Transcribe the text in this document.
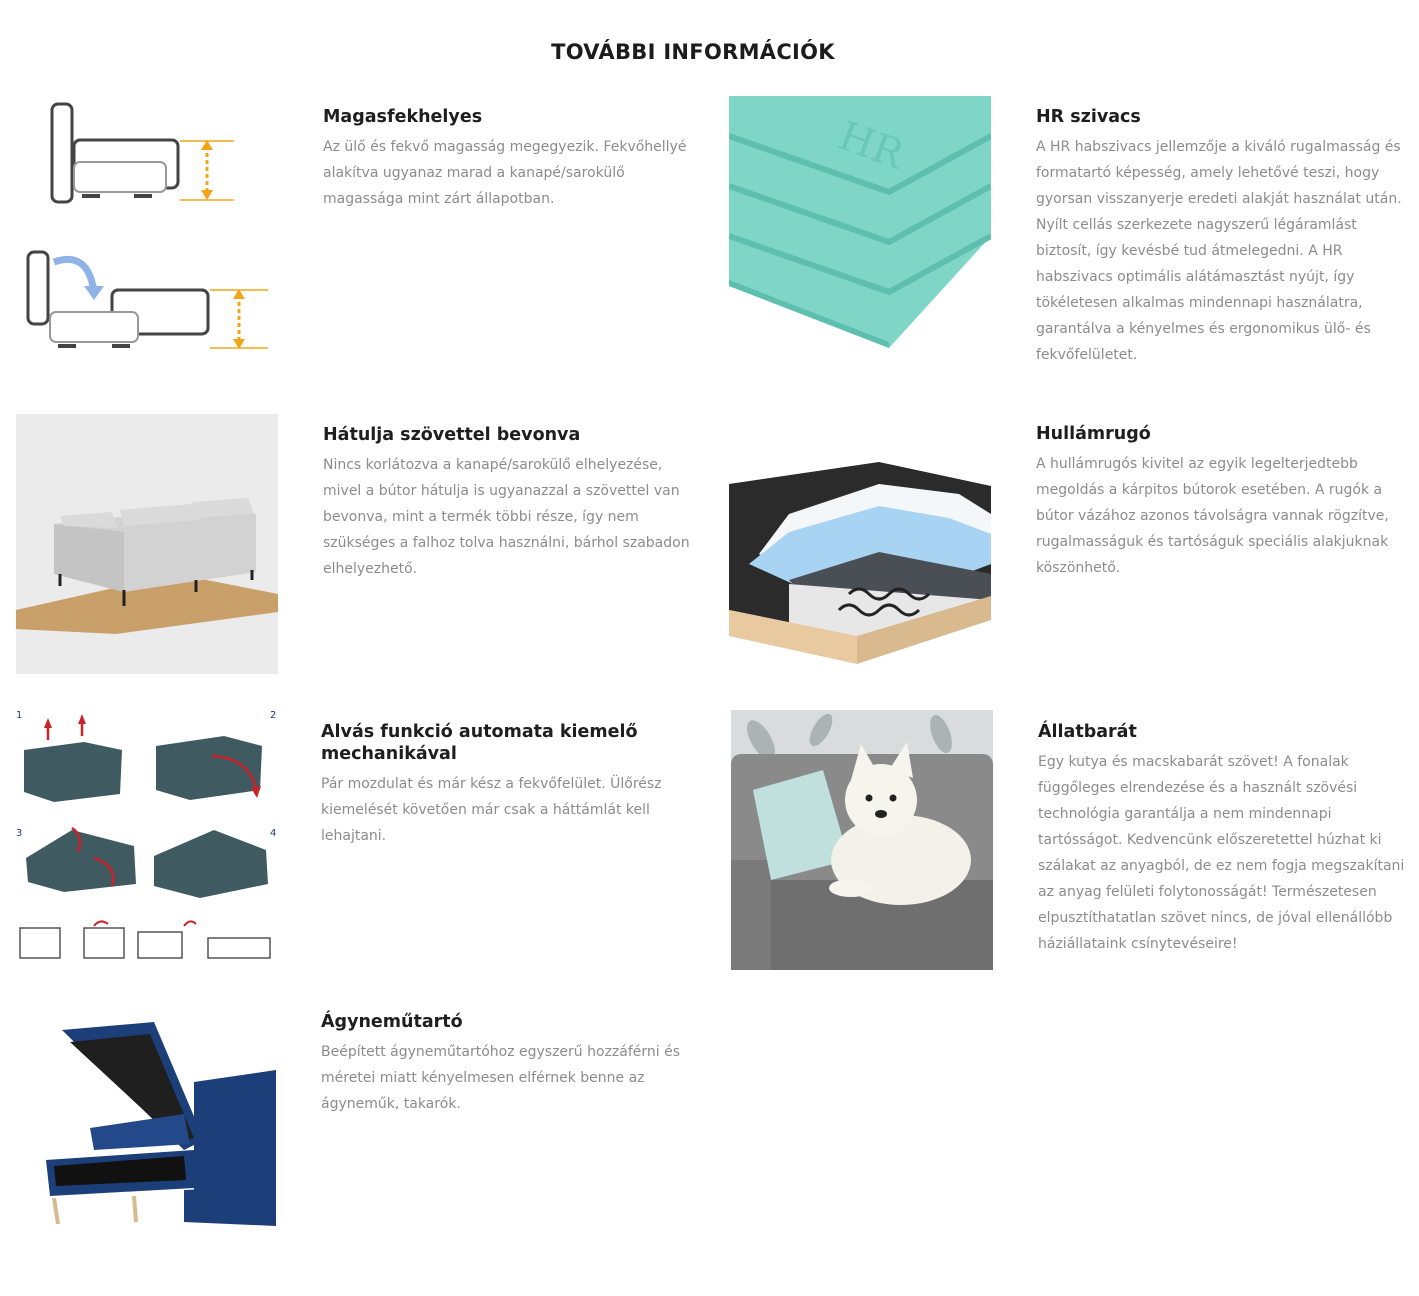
TOVÁBBI INFORMÁCIÓK
Magasfekhelyes
Az ülő és fekvő magasság megegyezik. Fekvőhellyé alakítva ugyanaz marad a kanapé/sarokülő magassága mint zárt állapotban.
HR	HR szivacs
A HR habszivacs jellemzője a kiváló rugalmasság és formatartó képesség, amely lehetővé teszi, hogy gyorsan visszanyerje eredeti alakját használat után. Nyílt cellás szerkezete nagyszerű légáramlást biztosít, így kevésbé tud átmelegedni. A HR habszivacs optimális alátámasztást nyújt, így tökéletesen alkalmas mindennapi használatra, garantálva a kényelmes és ergonomikus ülő- és fekvőfelületet.
Hátulja szövettel bevonva
Nincs korlátozva a kanapé/sarokülő elhelyezése, mivel a bútor hátulja is ugyanazzal a szövettel van bevonva, mint a termék többi része, így nem szükséges a falhoz tolva használni, bárhol szabadon elhelyezhető.
Hullámrugó
A hullámrugós kivitel az egyik legelterjedtebb megoldás a kárpitos bútorok esetében. A rugók a bútor vázához azonos távolságra vannak rögzítve, rugalmasságuk és tartóságuk speciális alakjuknak köszönhető.
1	2
3	4
Alvás funkció automata kiemelő mechanikával
Pár mozdulat és már kész a fekvőfelület. Ülőrész kiemelését követően már csak a háttámlát kell lehajtani.
Állatbarát
Egy kutya és macskabarát szövet! A fonalak függőleges elrendezése és a használt szövési technológia garantálja a nem mindennapi tartósságot. Kedvencünk előszeretettel húzhat ki szálakat az anyagból, de ez nem fogja megszakítani az anyag felületi folytonosságát! Természetesen elpusztíthatatlan szövet nincs, de jóval ellenállóbb háziállataink csínytevéseire!
Ágyneműtartó
Beépített ágyneműtartóhoz egyszerű hozzáférni és méretei miatt kényelmesen elférnek benne az ágyneműk, takarók.
